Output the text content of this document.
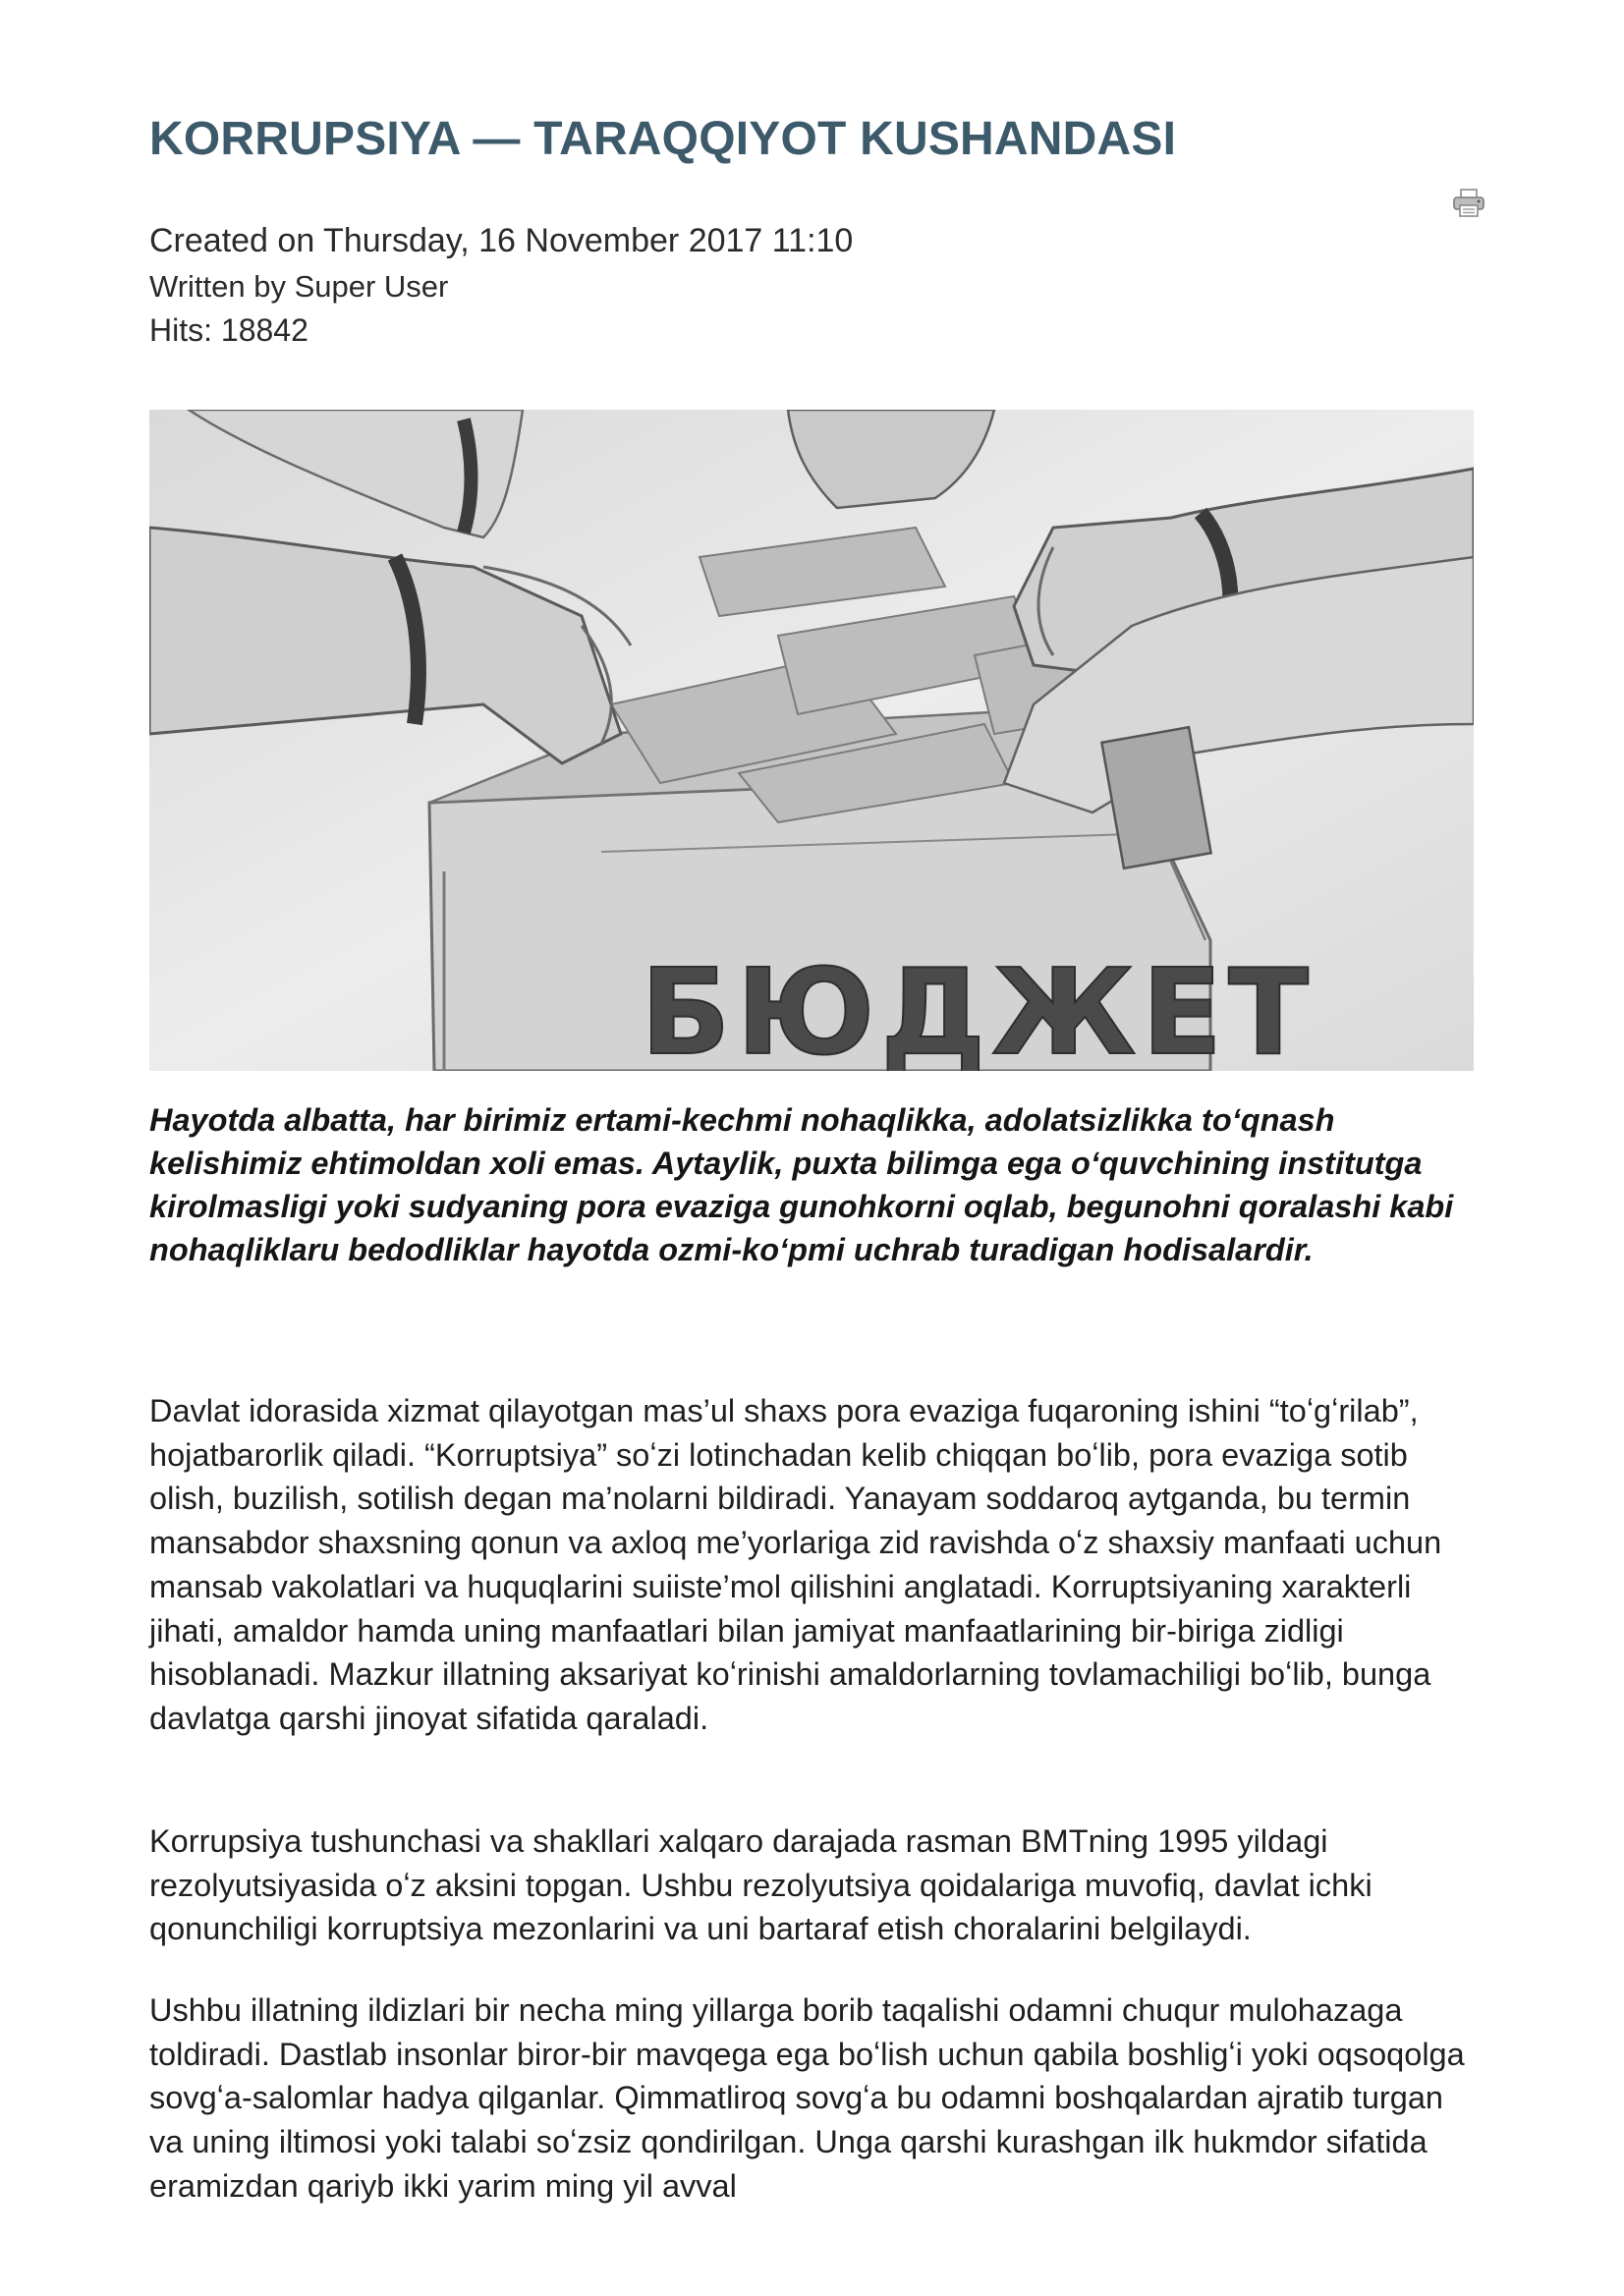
KORRUPSIYA — TARAQQIYOT KUSHANDASI
Created on Thursday, 16 November 2017 11:10
Written by Super User
Hits: 18842
БЮДЖЕТ

Hayotda albatta, har birimiz ertami-kechmi nohaqlikka, adolatsizlikka toʻqnash kelishimiz ehtimoldan xoli emas. Aytaylik, puxta bilimga ega oʻquvchining institutga kirolmasligi yoki sudyaning pora evaziga gunohkorni oqlab, begunohni qoralashi kabi nohaqliklaru bedodliklar hayotda ozmi-koʻpmi uchrab turadigan hodisalardir.

Davlat idorasida xizmat qilayotgan mas’ul shaxs pora evaziga fuqaroning ishini “toʻgʻrilab”, hojatbarorlik qiladi. “Korruptsiya” soʻzi lotinchadan kelib chiqqan boʻlib, pora evaziga sotib olish, buzilish, sotilish degan ma’nolarni bildiradi. Yanayam soddaroq aytganda, bu termin mansabdor shaxsning qonun va axloq me’yorlariga zid ravishda oʻz shaxsiy manfaati uchun mansab vakolatlari va huquqlarini suiiste’mol qilishini anglatadi. Korruptsiyaning xarakterli jihati, amaldor hamda uning manfaatlari bilan jamiyat manfaatlarining bir-biriga zidligi hisoblanadi. Mazkur illatning aksariyat koʻrinishi amaldorlarning tovlamachiligi boʻlib, bunga davlatga qarshi jinoyat sifatida qaraladi.

Korrupsiya tushunchasi va shakllari xalqaro darajada rasman BMTning 1995 yildagi rezolyutsiyasida oʻz aksini topgan. Ushbu rezolyutsiya qoidalariga muvofiq, davlat ichki qonunchiligi korruptsiya mezonlarini va uni bartaraf etish choralarini belgilaydi.

Ushbu illatning ildizlari bir necha ming yillarga borib taqalishi odamni chuqur mulohazaga toldiradi. Dastlab insonlar biror-bir mavqega ega boʻlish uchun qabila boshligʻi yoki oqsoqolga sovgʻa-salomlar hadya qilganlar. Qimmatliroq sovgʻa bu odamni boshqalardan ajratib turgan va uning iltimosi yoki talabi soʻzsiz qondirilgan. Unga qarshi kurashgan ilk hukmdor sifatida eramizdan qariyb ikki yarim ming yil avval
